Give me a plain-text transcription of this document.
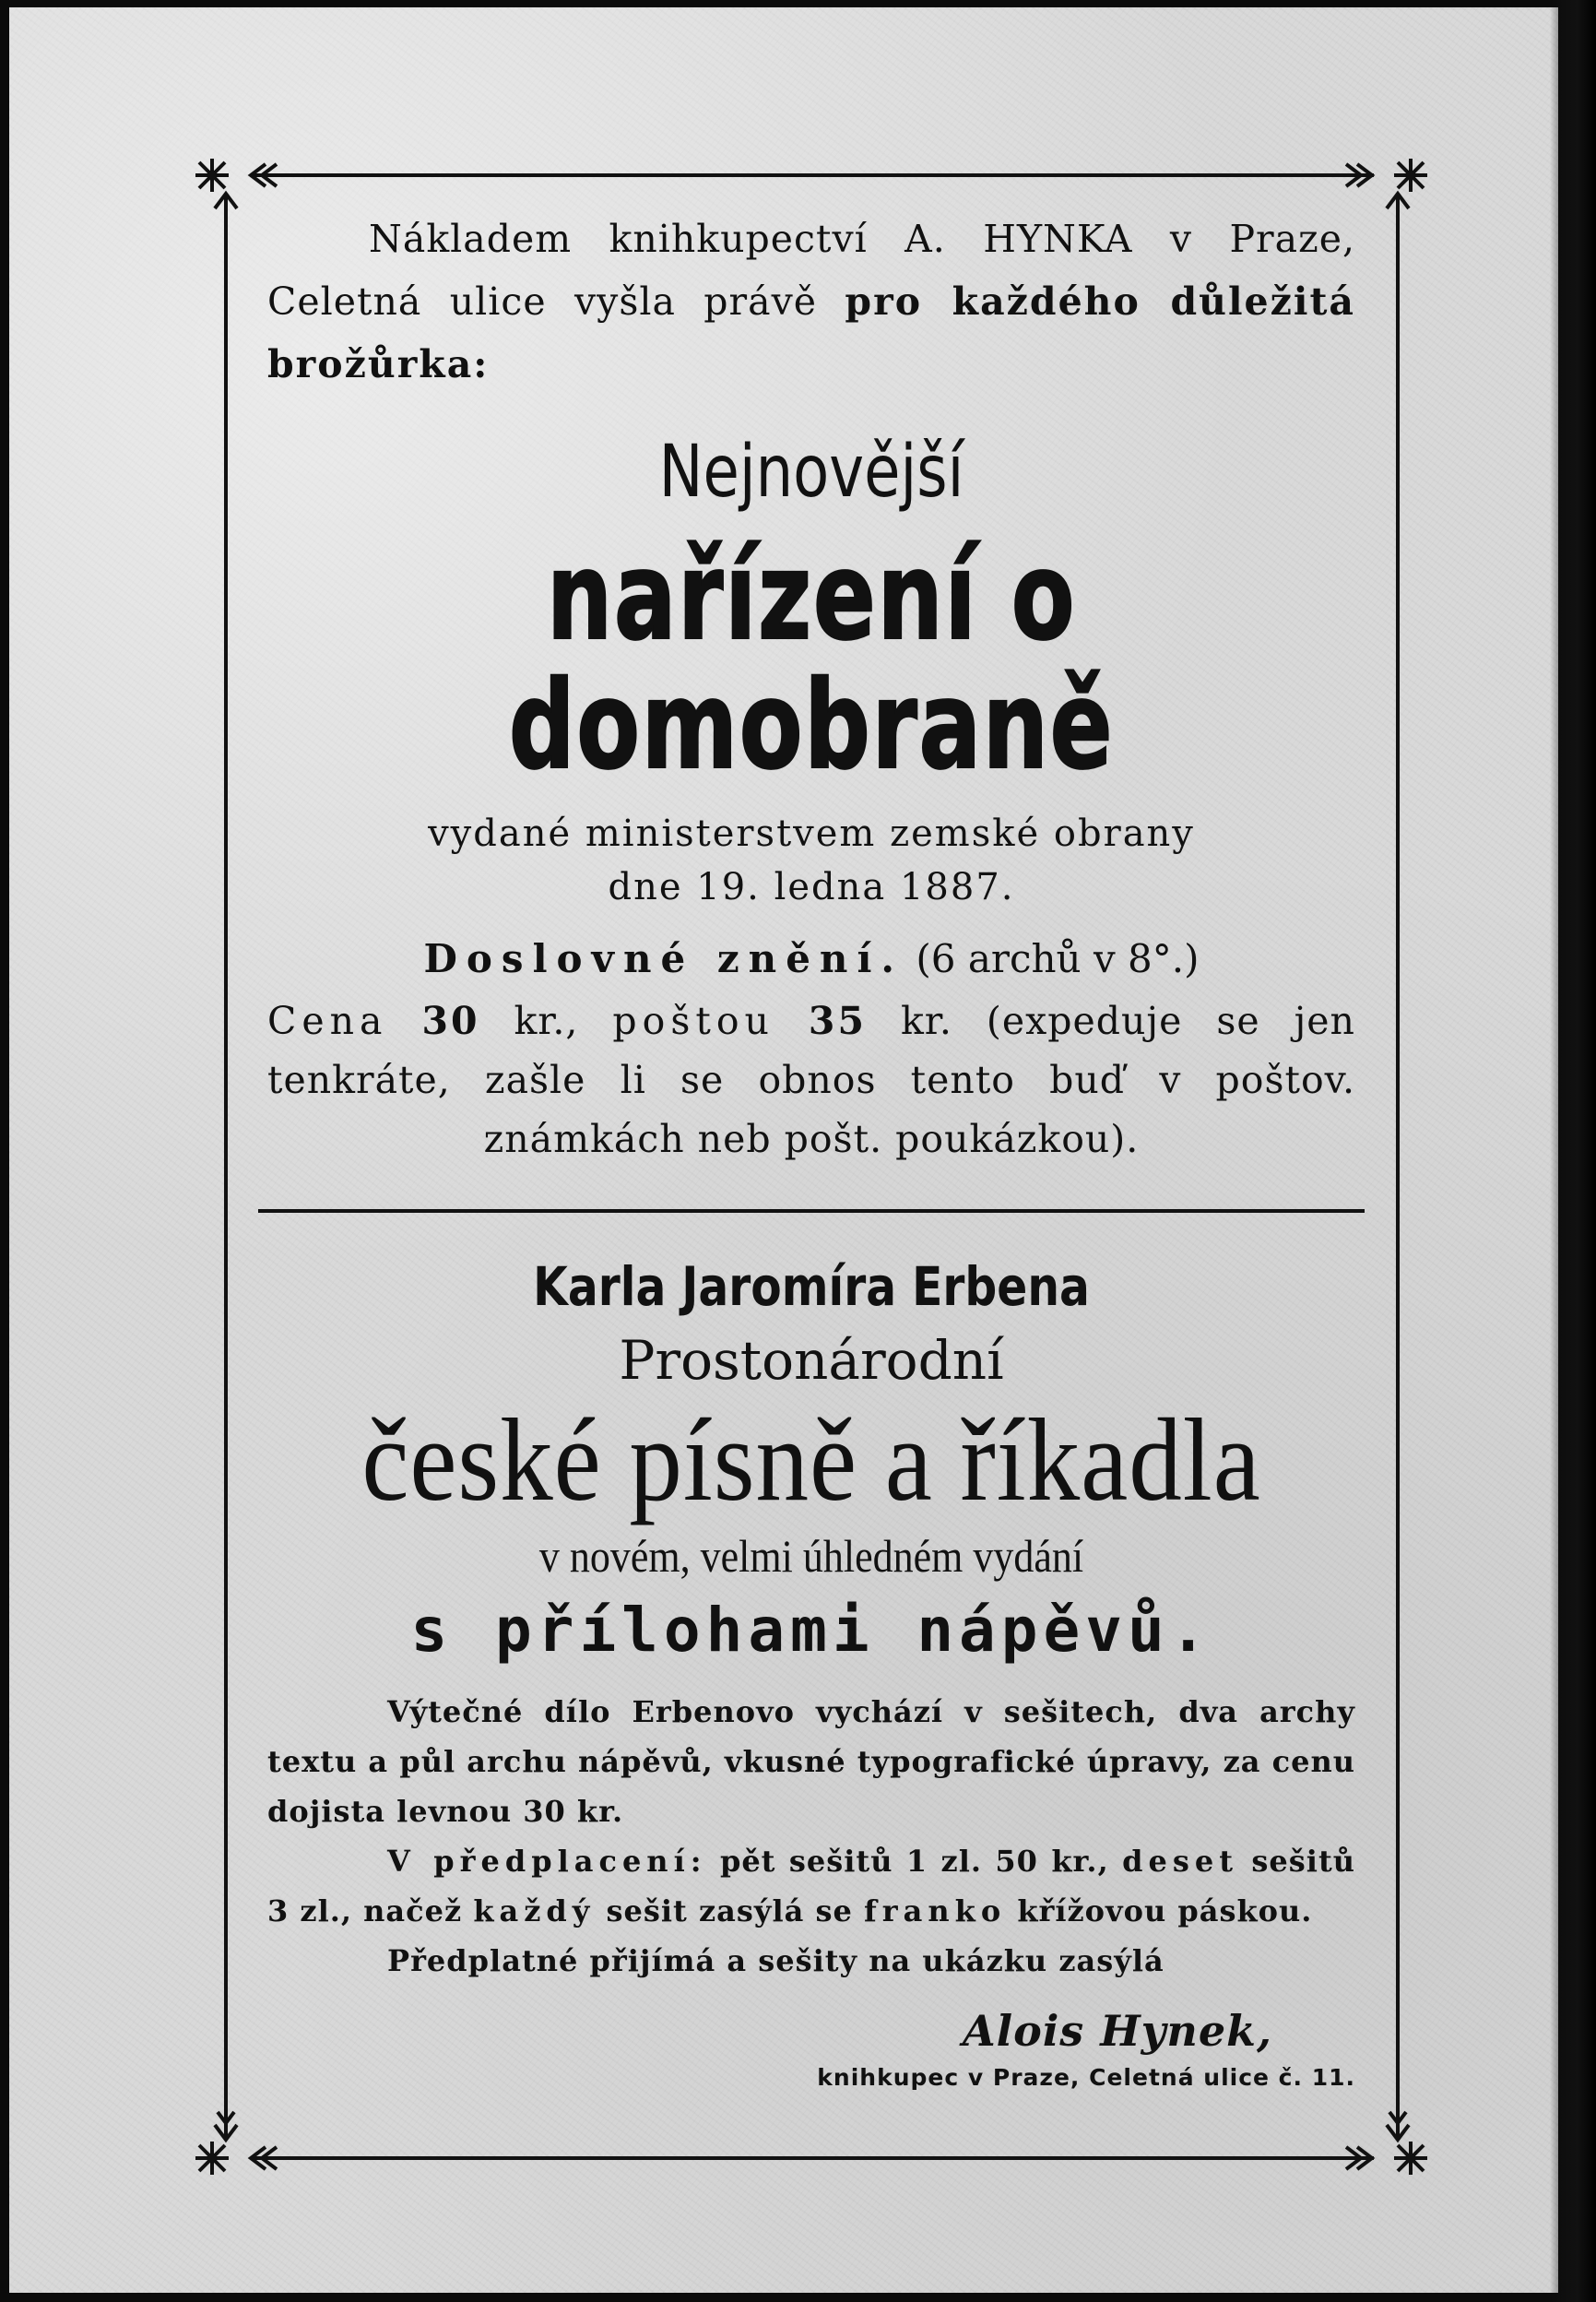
Nákladem knihkupectví A. HYNKA v Praze, Celetná ulice vyšla právě pro každého důležitá brožůrka:

Nejnovější
nařízení o domobraně

vydané ministerstvem zemské obrany

dne 19. ledna 1887.

Doslovné znění. (6 archů v 8°.)

Cena 30 kr., poštou 35 kr. (expeduje se jen tenkráte, zašle li se obnos tento buď v poštov. známkách neb pošt. poukázkou).

Karla Jaromíra Erbena
Prostonárodní
české písně a říkadla
v novém, velmi úhledném vydání
s přílohami nápěvů.

Výtečné dílo Erbenovo vychází v sešitech, dva archy textu a půl archu nápěvů, vkusné typografické úpravy, za cenu dojista levnou 30 kr.

V předplacení: pět sešitů 1 zl. 50 kr., deset sešitů 3 zl., načež každý sešit zasýlá se franko křížovou páskou.

Předplatné přijímá a sešity na ukázku zasýlá

Alois Hynek,
knihkupec v Praze, Celetná ulice č. 11.
